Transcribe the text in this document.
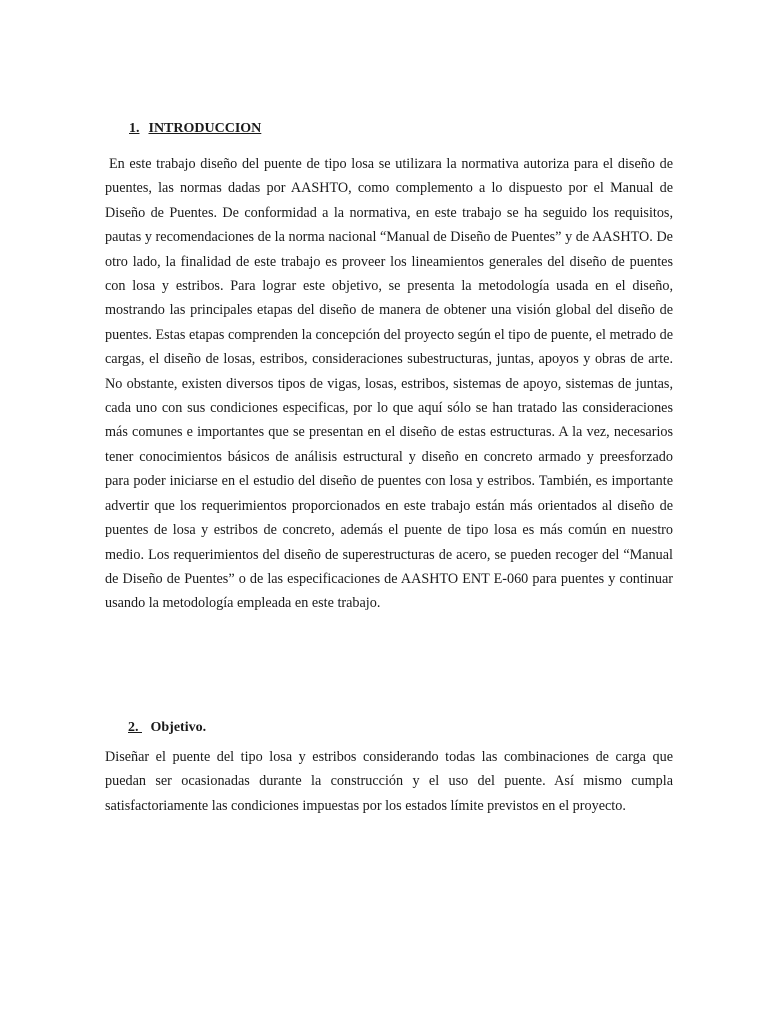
1. INTRODUCCION
En este trabajo diseño del puente de tipo losa se utilizara la normativa autoriza para el diseño de puentes, las normas dadas por AASHTO, como complemento a lo dispuesto por el Manual de Diseño de Puentes. De conformidad a la normativa, en este trabajo se ha seguido los requisitos, pautas y recomendaciones de la norma nacional “Manual de Diseño de Puentes” y de AASHTO. De otro lado, la finalidad de este trabajo es proveer los lineamientos generales del diseño de puentes con losa y estribos. Para lograr este objetivo, se presenta la metodología usada en el diseño, mostrando las principales etapas del diseño de manera de obtener una visión global del diseño de puentes. Estas etapas comprenden la concepción del proyecto según el tipo de puente, el metrado de cargas, el diseño de losas, estribos, consideraciones subestructuras, juntas, apoyos y obras de arte. No obstante, existen diversos tipos de vigas, losas, estribos, sistemas de apoyo, sistemas de juntas, cada uno con sus condiciones especificas, por lo que aquí sólo se han tratado las consideraciones más comunes e importantes que se presentan en el diseño de estas estructuras. A la vez, necesarios tener conocimientos básicos de análisis estructural y diseño en concreto armado y preesforzado para poder iniciarse en el estudio del diseño de puentes con losa y estribos. También, es importante advertir que los requerimientos proporcionados en este trabajo están más orientados al diseño de puentes de losa y estribos de concreto, además el puente de tipo losa es más común en nuestro medio. Los requerimientos del diseño de superestructuras de acero, se pueden recoger del “Manual de Diseño de Puentes” o de las especificaciones de AASHTO ENT E-060 para puentes y continuar usando la metodología empleada en este trabajo.
2. Objetivo.
Diseñar el puente del tipo losa y estribos considerando todas las combinaciones de carga que puedan ser ocasionadas durante la construcción y el uso del puente. Así mismo cumpla satisfactoriamente las condiciones impuestas por los estados límite previstos en el proyecto.
